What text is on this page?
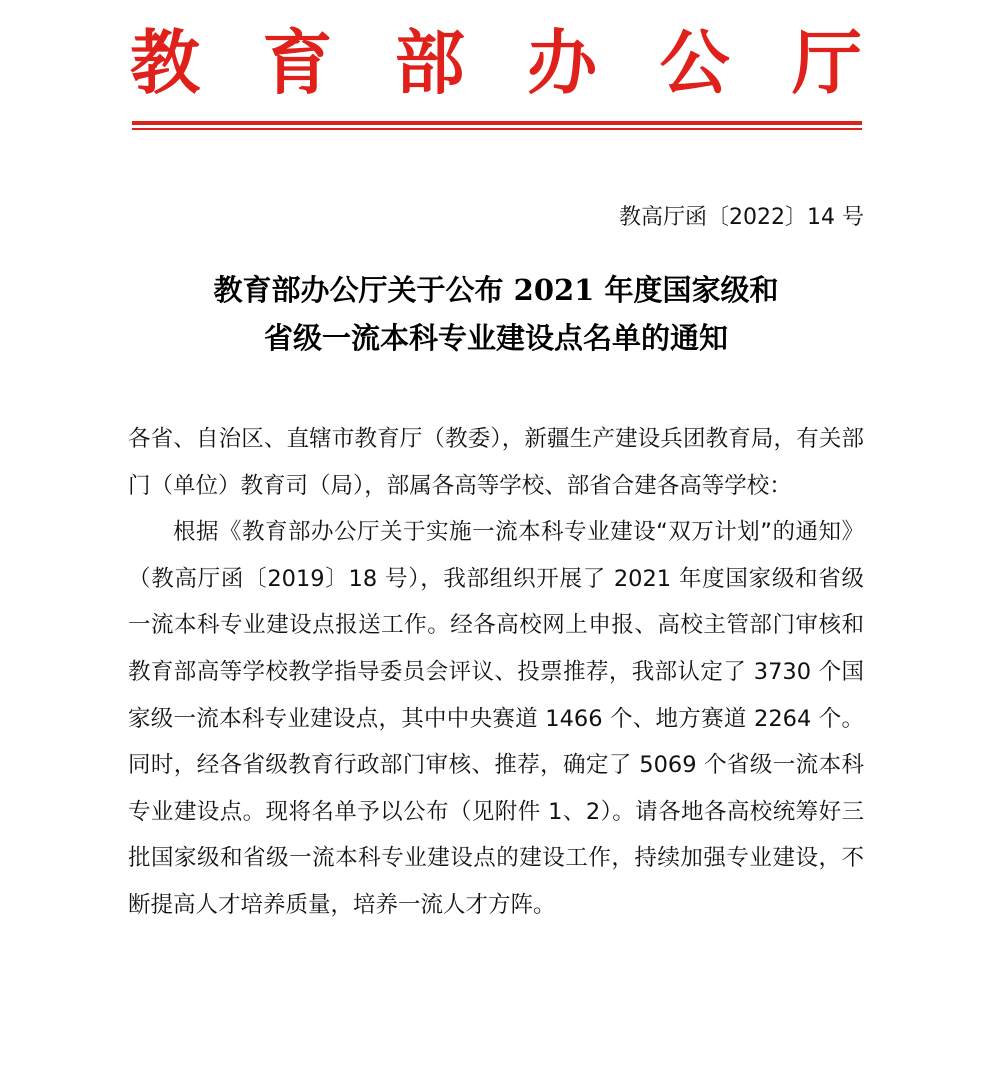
教 育 部 办 公 厅
教高厅函〔2022〕14 号
教育部办公厅关于公布 2021 年度国家级和
省级一流本科专业建设点名单的通知

各省、自治区、直辖市教育厅（教委），新疆生产建设兵团教育局，有关部门（单位）教育司（局），部属各高等学校、部省合建各高等学校：

根据《教育部办公厅关于实施一流本科专业建设“双万计划”的通知》（教高厅函〔2019〕18 号），我部组织开展了 2021 年度国家级和省级一流本科专业建设点报送工作。经各高校网上申报、高校主管部门审核和教育部高等学校教学指导委员会评议、投票推荐，我部认定了 3730 个国家级一流本科专业建设点，其中中央赛道 1466 个、地方赛道 2264 个。同时，经各省级教育行政部门审核、推荐，确定了 5069 个省级一流本科专业建设点。现将名单予以公布（见附件 1、2）。请各地各高校统筹好三批国家级和省级一流本科专业建设点的建设工作，持续加强专业建设，不断提高人才培养质量，培养一流人才方阵。
